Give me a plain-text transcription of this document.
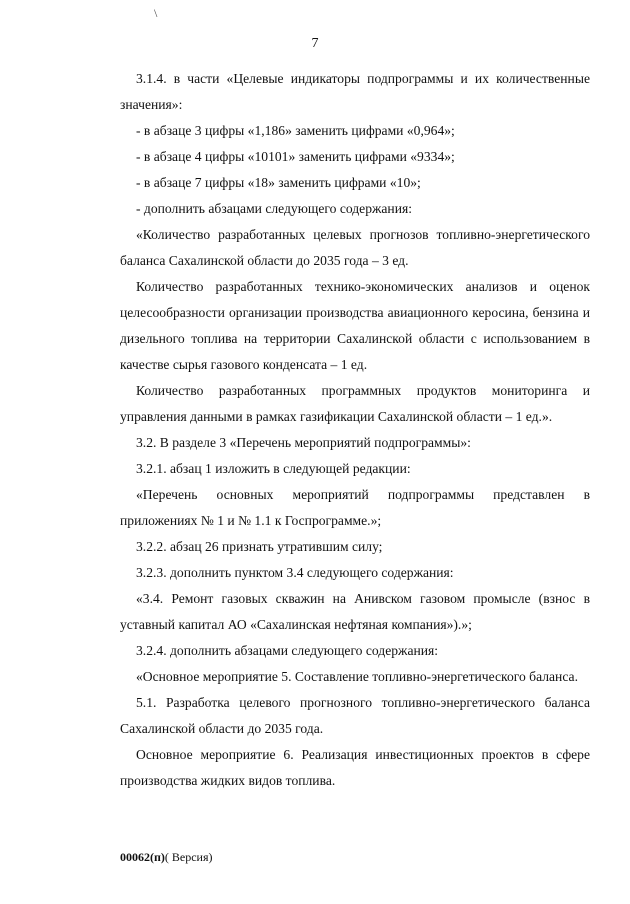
\
7

3.1.4. в части «Целевые индикаторы подпрограммы и их количественные значения»:

- в абзаце 3 цифры «1,186» заменить цифрами «0,964»;

- в абзаце 4 цифры «10101» заменить цифрами «9334»;

- в абзаце 7 цифры «18» заменить цифрами «10»;

- дополнить абзацами следующего содержания:

«Количество разработанных целевых прогнозов топливно-энергетического баланса Сахалинской области до 2035 года – 3 ед.

Количество разработанных технико-экономических анализов и оценок целесообразности организации производства авиационного керосина, бензина и дизельного топлива на территории Сахалинской области с использованием в качестве сырья газового конденсата – 1 ед.

Количество разработанных программных продуктов мониторинга и управления данными в рамках газификации Сахалинской области – 1 ед.».

3.2. В разделе 3 «Перечень мероприятий подпрограммы»:

3.2.1. абзац 1 изложить в следующей редакции:

«Перечень основных мероприятий подпрограммы представлен в приложениях № 1 и № 1.1 к Госпрограмме.»;

3.2.2. абзац 26 признать утратившим силу;

3.2.3. дополнить пунктом 3.4 следующего содержания:

«3.4. Ремонт газовых скважин на Анивском газовом промысле (взнос в уставный капитал АО «Сахалинская нефтяная компания»).»;

3.2.4. дополнить абзацами следующего содержания:

«Основное мероприятие 5. Составление топливно-энергетического баланса.

5.1. Разработка целевого прогнозного топливно-энергетического баланса Сахалинской области до 2035 года.

Основное мероприятие 6. Реализация инвестиционных проектов в сфере производства жидких видов топлива.

00062(п)( Версия)
